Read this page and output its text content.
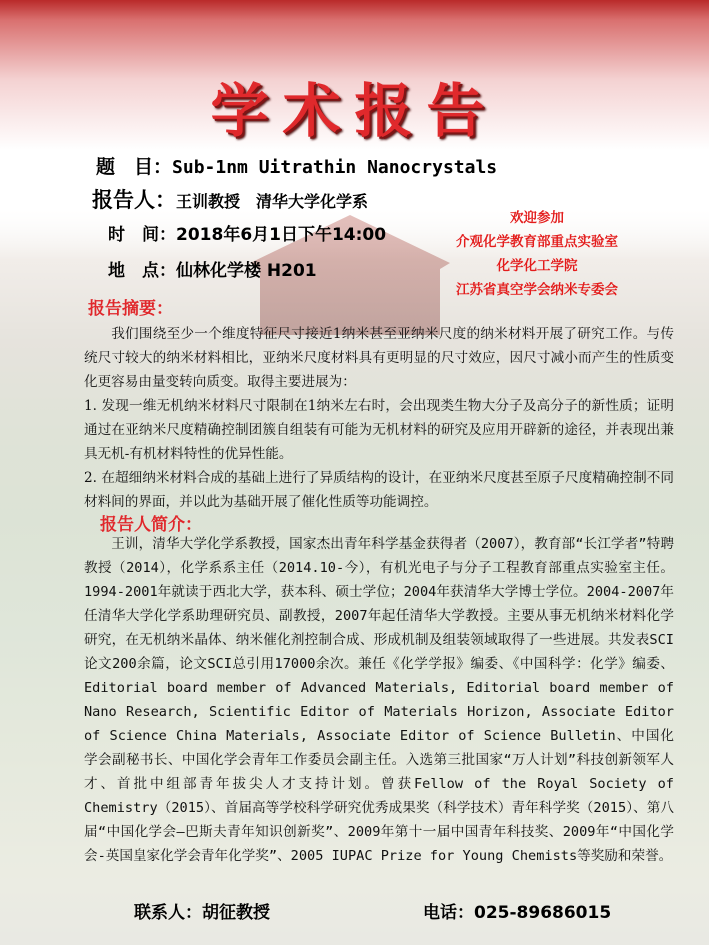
学术报告
题　目：Sub-1nm Uitrathin Nanocrystals
报告人：王训教授　清华大学化学系
时　间：2018年6月1日下午14:00
地　点：仙林化学楼 H201
欢迎参加
介观化学教育部重点实验室
化学化工学院
江苏省真空学会纳米专委会
报告摘要：

我们围绕至少一个维度特征尺寸接近1纳米甚至亚纳米尺度的纳米材料开展了研究工作。与传统尺寸较大的纳米材料相比，亚纳米尺度材料具有更明显的尺寸效应，因尺寸减小而产生的性质变化更容易由量变转向质变。取得主要进展为：

1. 发现一维无机纳米材料尺寸限制在1纳米左右时，会出现类生物大分子及高分子的新性质；证明通过在亚纳米尺度精确控制团簇自组装有可能为无机材料的研究及应用开辟新的途径，并表现出兼具无机-有机材料特性的优异性能。

2. 在超细纳米材料合成的基础上进行了异质结构的设计，在亚纳米尺度甚至原子尺度精确控制不同材料间的界面，并以此为基础开展了催化性质等功能调控。

报告人简介：

王训，清华大学化学系教授，国家杰出青年科学基金获得者（2007），教育部“长江学者”特聘教授（2014），化学系系主任（2014.10-今），有机光电子与分子工程教育部重点实验室主任。1994-2001年就读于西北大学，获本科、硕士学位；2004年获清华大学博士学位。2004-2007年任清华大学化学系助理研究员、副教授，2007年起任清华大学教授。主要从事无机纳米材料化学研究，在无机纳米晶体、纳米催化剂控制合成、形成机制及组装领域取得了一些进展。共发表SCI论文200余篇，论文SCI总引用17000余次。兼任《化学学报》编委、《中国科学：化学》编委、Editorial board member of Advanced Materials, Editorial board member of Nano Research, Scientific Editor of Materials Horizon, Associate Editor of Science China Materials, Associate Editor of Science Bulletin、中国化学会副秘书长、中国化学会青年工作委员会副主任。入选第三批国家“万人计划”科技创新领军人才、首批中组部青年拔尖人才支持计划。曾获Fellow of the Royal Society of Chemistry（2015）、首届高等学校科学研究优秀成果奖（科学技术）青年科学奖（2015）、第八届“中国化学会—巴斯夫青年知识创新奖”、2009年第十一届中国青年科技奖、2009年“中国化学会-英国皇家化学会青年化学奖”、2005 IUPAC Prize for Young Chemists等奖励和荣誉。

联系人：胡征教授	电话：025-89686015
